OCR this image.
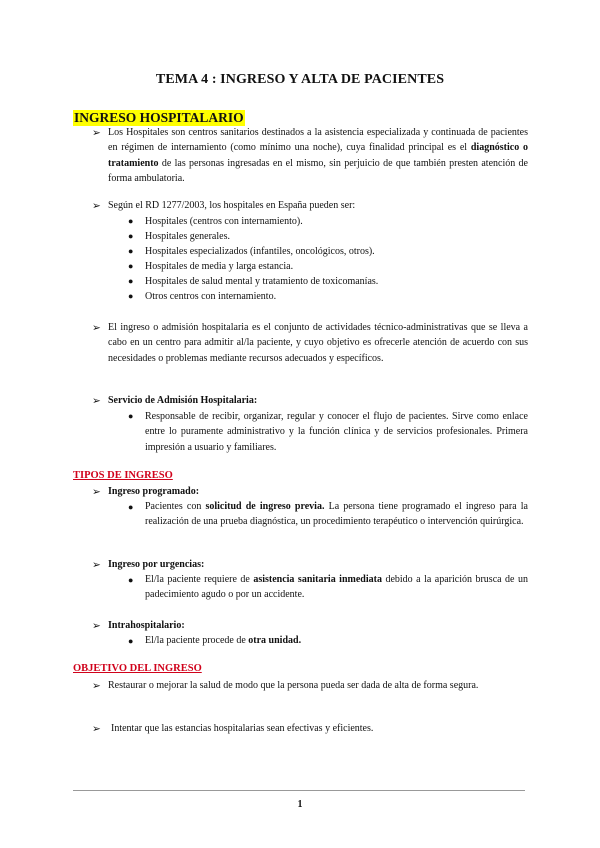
TEMA 4 : INGRESO Y ALTA DE PACIENTES
INGRESO HOSPITALARIO
➢ Los Hospitales son centros sanitarios destinados a la asistencia especializada y continuada de pacientes en régimen de internamiento (como mínimo una noche), cuya finalidad principal es el diagnóstico o tratamiento de las personas ingresadas en el mismo, sin perjuicio de que también presten atención de forma ambulatoria.
➢ Según el RD 1277/2003, los hospitales en España pueden ser:
● Hospitales (centros con internamiento).
● Hospitales generales.
● Hospitales especializados (infantiles, oncológicos, otros).
● Hospitales de media y larga estancia.
● Hospitales de salud mental y tratamiento de toxicomanías.
● Otros centros con internamiento.
➢ El ingreso o admisión hospitalaria es el conjunto de actividades técnico-administrativas que se lleva a cabo en un centro para admitir al/la paciente, y cuyo objetivo es ofrecerle atención de acuerdo con sus necesidades o problemas mediante recursos adecuados y específicos.
➢ Servicio de Admisión Hospitalaria:
● Responsable de recibir, organizar, regular y conocer el flujo de pacientes. Sirve como enlace entre lo puramente administrativo y la función clínica y de servicios profesionales. Primera impresión a usuario y familiares.
TIPOS DE INGRESO
➢ Ingreso programado:
● Pacientes con solicitud de ingreso previa. La persona tiene programado el ingreso para la realización de una prueba diagnóstica, un procedimiento terapéutico o intervención quirúrgica.
➢ Ingreso por urgencias:
● El/la paciente requiere de asistencia sanitaria inmediata debido a la aparición brusca de un padecimiento agudo o por un accidente.
➢ Intrahospitalario:
● El/la paciente procede de otra unidad.
OBJETIVO DEL INGRESO
➢ Restaurar o mejorar la salud de modo que la persona pueda ser dada de alta de forma segura.
➢ Intentar que las estancias hospitalarias sean efectivas y eficientes.
1
